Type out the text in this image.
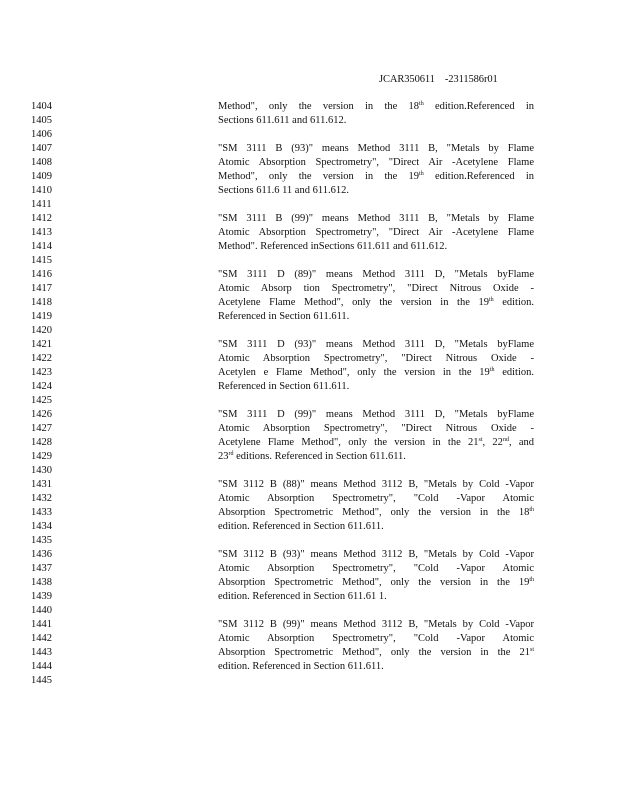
JCAR350611    -2311586r01
1404	Method", only the version in the 18th edition.Referenced in
1405	Sections 611.611 and 611.612.
1406
1407	"SM 3111 B (93)" means Method 3111 B, "Metals by Flame
1408	Atomic Absorption Spectrometry", "Direct Air -Acetylene Flame
1409	Method", only the version in the 19th edition.Referenced in
1410	Sections 611.6 11 and 611.612.
1411
1412	"SM 3111 B (99)" means Method 3111 B, "Metals by Flame
1413	Atomic Absorption Spectrometry", "Direct Air -Acetylene Flame
1414	Method". Referenced inSections 611.611 and 611.612.
1415
1416	"SM 3111 D (89)" means Method 3111 D, "Metals byFlame
1417	Atomic Absorp tion Spectrometry", "Direct Nitrous Oxide -
1418	Acetylene Flame Method", only the version in the 19th edition.
1419	Referenced in Section 611.611.
1420
1421	"SM 3111 D (93)" means Method 3111 D, "Metals byFlame
1422	Atomic Absorption Spectrometry", "Direct Nitrous Oxide -
1423	Acetylen e Flame Method", only the version in the 19th edition.
1424	Referenced in Section 611.611.
1425
1426	"SM 3111 D (99)" means Method 3111 D, "Metals byFlame
1427	Atomic Absorption Spectrometry", "Direct Nitrous Oxide -
1428	Acetylene Flame Method", only the version in the 21st, 22nd, and
1429	23rd editions. Referenced in Section 611.611.
1430
1431	"SM 3112 B (88)" means Method 3112 B, "Metals by Cold -Vapor
1432	Atomic Absorption Spectrometry", "Cold -Vapor Atomic
1433	Absorption Spectrometric Method", only the version in the 18th
1434	edition. Referenced in Section 611.611.
1435
1436	"SM 3112 B (93)" means Method 3112 B, "Metals by Cold -Vapor
1437	Atomic Absorption Spectrometry", "Cold -Vapor Atomic
1438	Absorption Spectrometric Method", only the version in the 19th
1439	edition. Referenced in Section 611.61 1.
1440
1441	"SM 3112 B (99)" means Method 3112 B, "Metals by Cold -Vapor
1442	Atomic Absorption Spectrometry", "Cold -Vapor Atomic
1443	Absorption Spectrometric Method", only the version in the 21st
1444	edition. Referenced in Section 611.611.
1445
